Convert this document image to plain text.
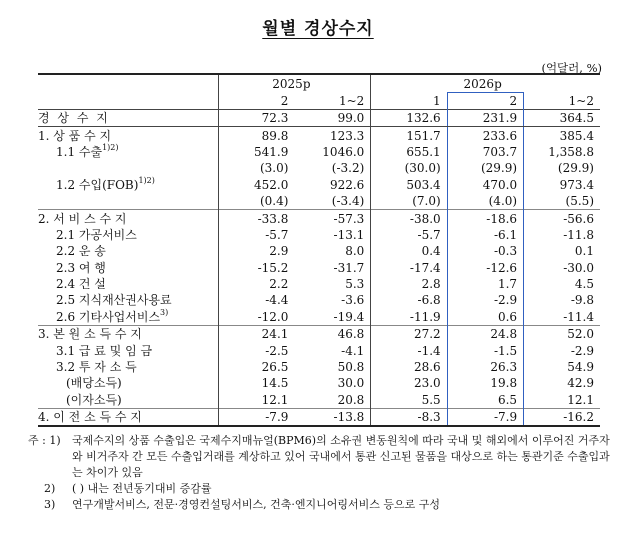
월별 경상수지
(억달러, %)
	2025p		2026p		
	2	1~2	1	2	1~2
경 상 수 지	72.3	99.0	132.6	231.9	364.5
1. 상 품 수 지	89.8	123.3	151.7	233.6	385.4
1.1 수출$^{1)2)}$	541.9	1046.0	655.1	703.7	1,358.8
	(3.0)	(-3.2)	(30.0)	(29.9)	(29.9)
1.2 수입(FOB)$^{1)2)}$	452.0	922.6	503.4	470.0	973.4
	(0.4)	(-3.4)	(7.0)	(4.0)	(5.5)
2. 서 비 스 수 지	-33.8	-57.3	-38.0	-18.6	-56.6
2.1 가공서비스	-5.7	-13.1	-5.7	-6.1	-11.8
2.2 운 송	2.9	8.0	0.4	-0.3	0.1
2.3 여 행	-15.2	-31.7	-17.4	-12.6	-30.0
2.4 건 설	2.2	5.3	2.8	1.7	4.5
2.5 지식재산권사용료	-4.4	-3.6	-6.8	-2.9	-9.8
2.6 기타사업서비스$^{3)}$	-12.0	-19.4	-11.9	0.6	-11.4
3. 본 원 소 득 수 지	24.1	46.8	27.2	24.8	52.0
3.1 급 료 및 임 금	-2.5	-4.1	-1.4	-1.5	-2.9
3.2 투 자 소 득	26.5	50.8	28.6	26.3	54.9
(배당소득)	14.5	30.0	23.0	19.8	42.9
(이자소득)	12.1	20.8	5.5	6.5	12.1
4. 이 전 소 득 수 지	-7.9	-13.8	-8.3	-7.9	-16.2
주 : 1)	국제수지의 상품 수출입은 국제수지매뉴얼(BPM6)의 소유권 변동원칙에 따라 국내 및 해외에서 이루어진 거주자와 비거주자 간 모든 수출입거래를 계상하고 있어 국내에서 통관 신고된 물품을 대상으로 하는 통관기준 수출입과는 차이가 있음
2)	( ) 내는 전년동기대비 증감률
3)	연구개발서비스, 전문·경영컨설팅서비스, 건축·엔지니어링서비스 등으로 구성
